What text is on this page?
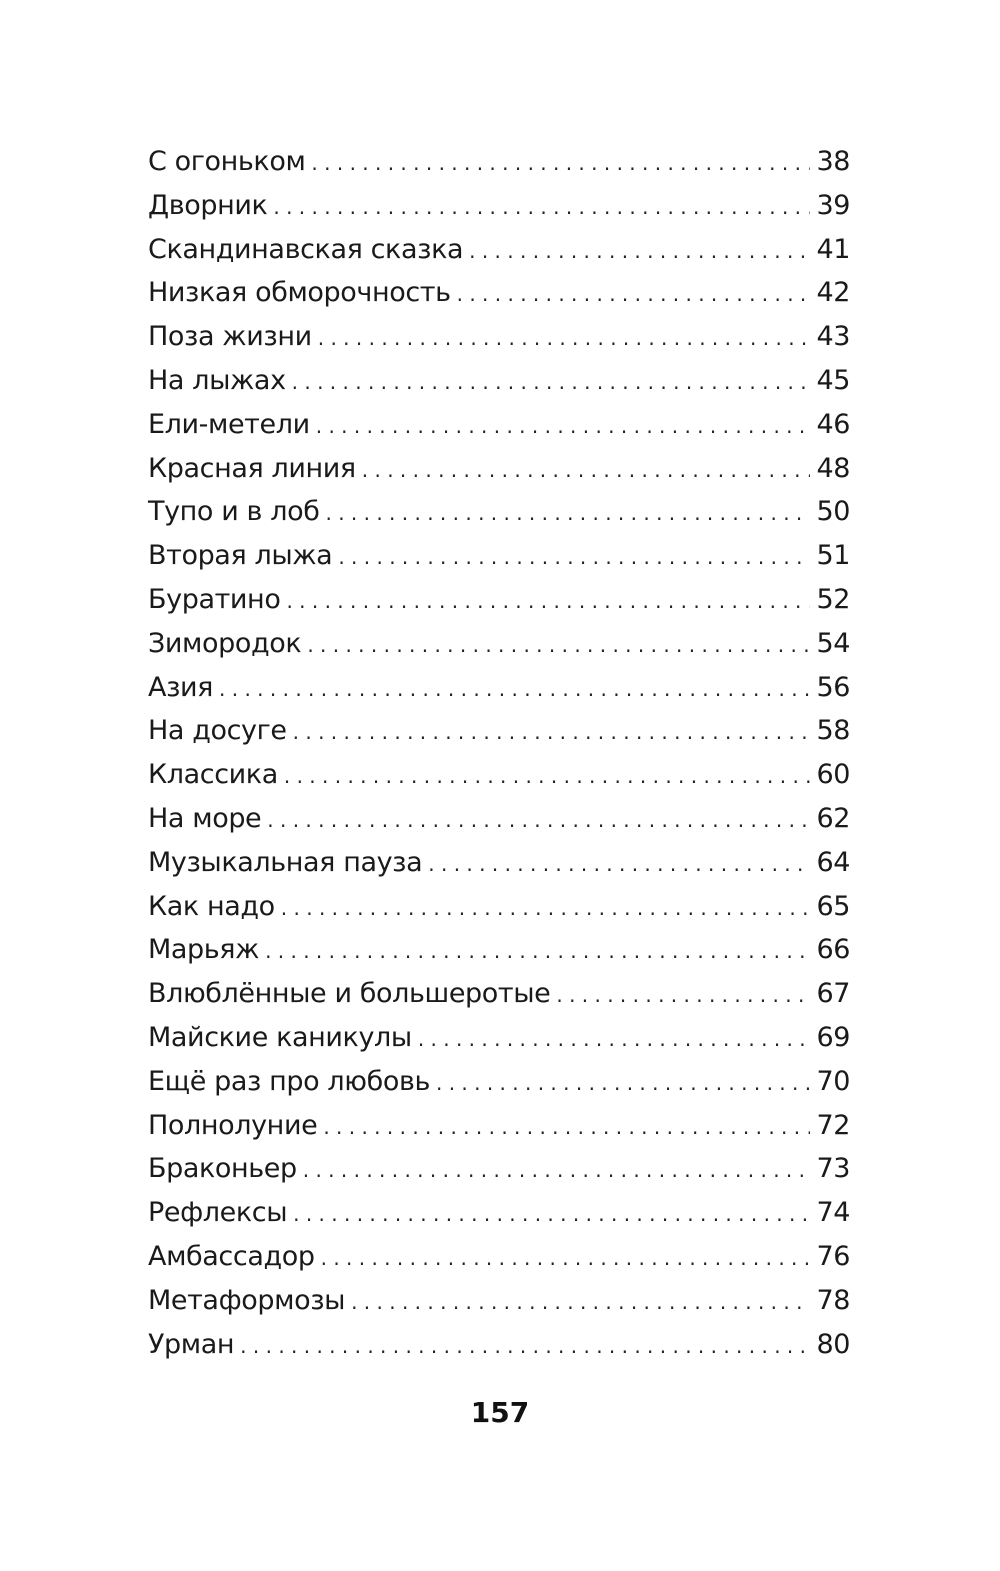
С огоньком . . .	38
Дворник . . .	39
Скандинавская сказка . . .	41
Низкая обморочность . . .	42
Поза жизни . . .	43
На лыжах . . .	45
Ели-метели . . .	46
Красная линия . . .	48
Тупо и в лоб . . .	50
Вторая лыжа . . .	51
Буратино . . .	52
Зимородок . . .	54
Азия . . .	56
На досуге . . .	58
Классика . . .	60
На море . . .	62
Музыкальная пауза . . .	64
Как надо . . .	65
Марьяж . . .	66
Влюблённые и большеротые . . .	67
Майские каникулы . . .	69
Ещё раз про любовь . . .	70
Полнолуние . . .	72
Браконьер . . .	73
Рефлексы . . .	74
Амбассадор . . .	76
Метаформозы . . .	78
Урман . . .	80
157
